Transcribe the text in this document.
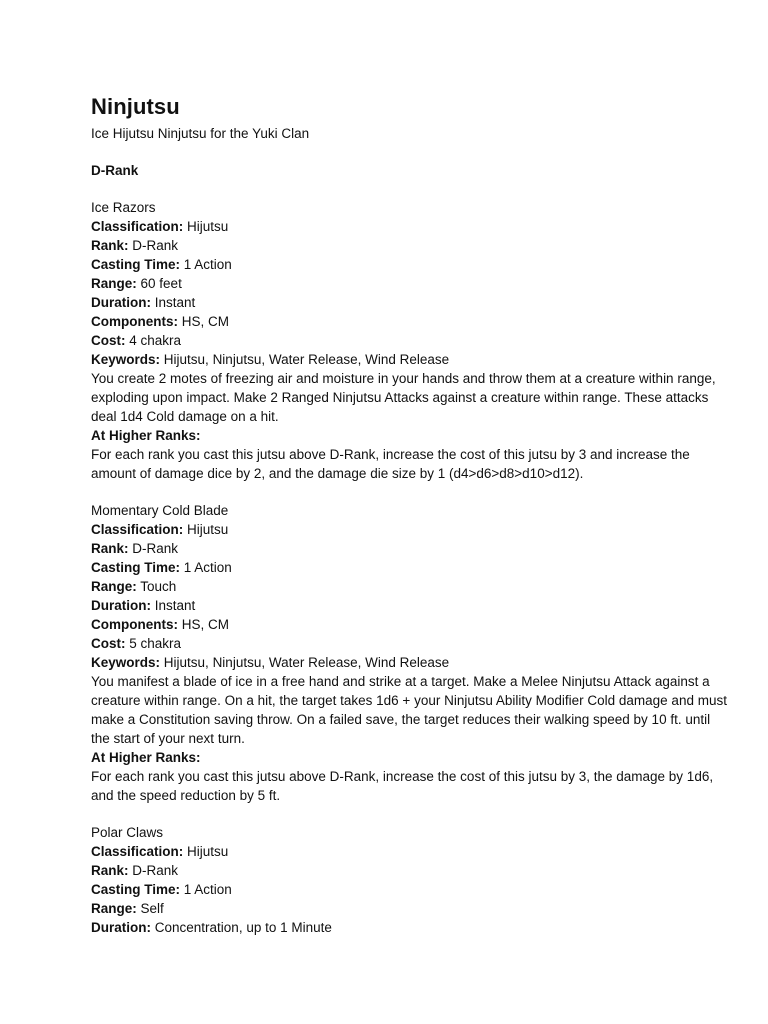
Ninjutsu

Ice Hijutsu Ninjutsu for the Yuki Clan

D-Rank

Ice Razors

Classification: Hijutsu

Rank: D-Rank

Casting Time: 1 Action

Range: 60 feet

Duration: Instant

Components: HS, CM

Cost: 4 chakra

Keywords: Hijutsu, Ninjutsu, Water Release, Wind Release

You create 2 motes of freezing air and moisture in your hands and throw them at a creature within range, exploding upon impact. Make 2 Ranged Ninjutsu Attacks against a creature within range. These attacks deal 1d4 Cold damage on a hit.

At Higher Ranks:

For each rank you cast this jutsu above D-Rank, increase the cost of this jutsu by 3 and increase the amount of damage dice by 2, and the damage die size by 1 (d4>d6>d8>d10>d12).

Momentary Cold Blade

Classification: Hijutsu

Rank: D-Rank

Casting Time: 1 Action

Range: Touch

Duration: Instant

Components: HS, CM

Cost: 5 chakra

Keywords: Hijutsu, Ninjutsu, Water Release, Wind Release

You manifest a blade of ice in a free hand and strike at a target. Make a Melee Ninjutsu Attack against a creature within range. On a hit, the target takes 1d6 + your Ninjutsu Ability Modifier Cold damage and must make a Constitution saving throw. On a failed save, the target reduces their walking speed by 10 ft. until the start of your next turn.

At Higher Ranks:

For each rank you cast this jutsu above D-Rank, increase the cost of this jutsu by 3, the damage by 1d6, and the speed reduction by 5 ft.

Polar Claws

Classification: Hijutsu

Rank: D-Rank

Casting Time: 1 Action

Range: Self

Duration: Concentration, up to 1 Minute
